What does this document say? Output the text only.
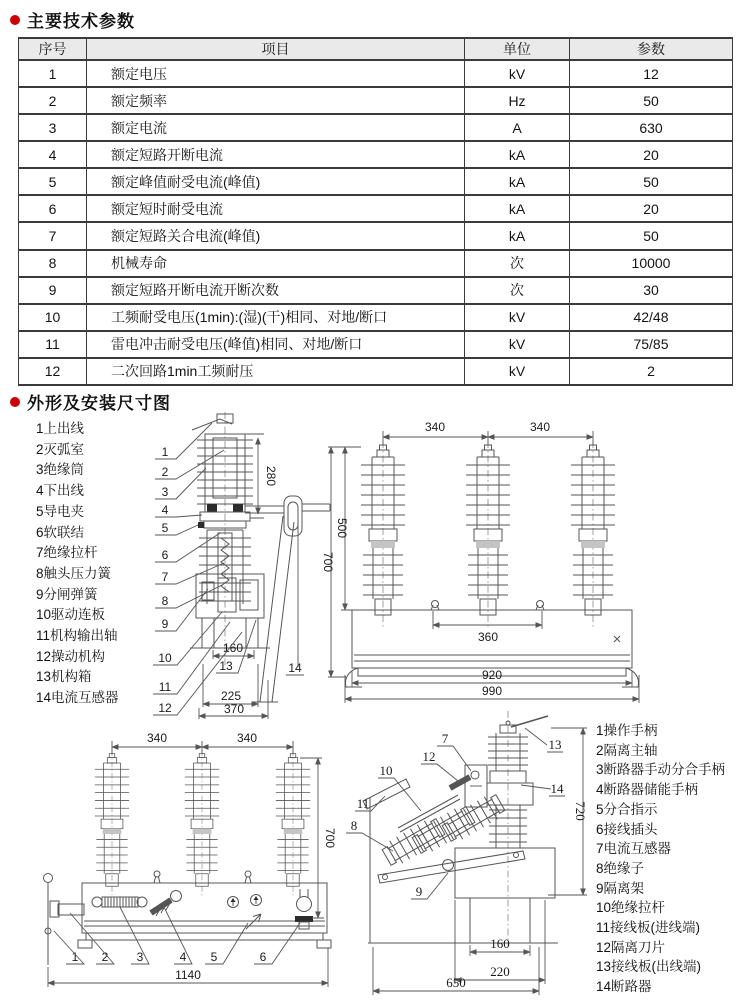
主要技术参数
序号	项目	单位	参数
1	额定电压	kV	12
2	额定频率	Hz	50
3	额定电流	A	630
4	额定短路开断电流	kA	20
5	额定峰值耐受电流(峰值)	kA	50
6	额定短时耐受电流	kA	20
7	额定短路关合电流(峰值)	kA	50
8	机械寿命	次	10000
9	额定短路开断电流开断次数	次	30
10	工频耐受电压(1min):(湿)(干)相同、对地/断口	kV	42/48
11	雷电冲击耐受电压(峰值)相同、对地/断口	kV	75/85
12	二次回路1min工频耐压	kV	2
外形及安装尺寸图
1上出线
2灭弧室
3绝缘筒
4下出线
5导电夹
6软联结
7绝缘拉杆
8触头压力簧
9分闸弹簧
10驱动连板
11机构输出轴
12操动机构
13机构箱
14电流互感器
1操作手柄
2隔离主轴
3断路器手动分合手柄
4断路器储能手柄
5分合指示
6接线插头
7电流互感器
8绝缘子
9隔离架
10绝缘拉杆
11接线板(进线端)
12隔离刀片
13接线板(出线端)
14断路器
280
160
225
370
13	14
1
2
3
4
5
6
7
8
9
10
11
12
340	340
500
700
360
920
990
340	340
700
1140
1 2 3	4 5	6
720
160
220
650
7
8
9
10
11
12
13
14
